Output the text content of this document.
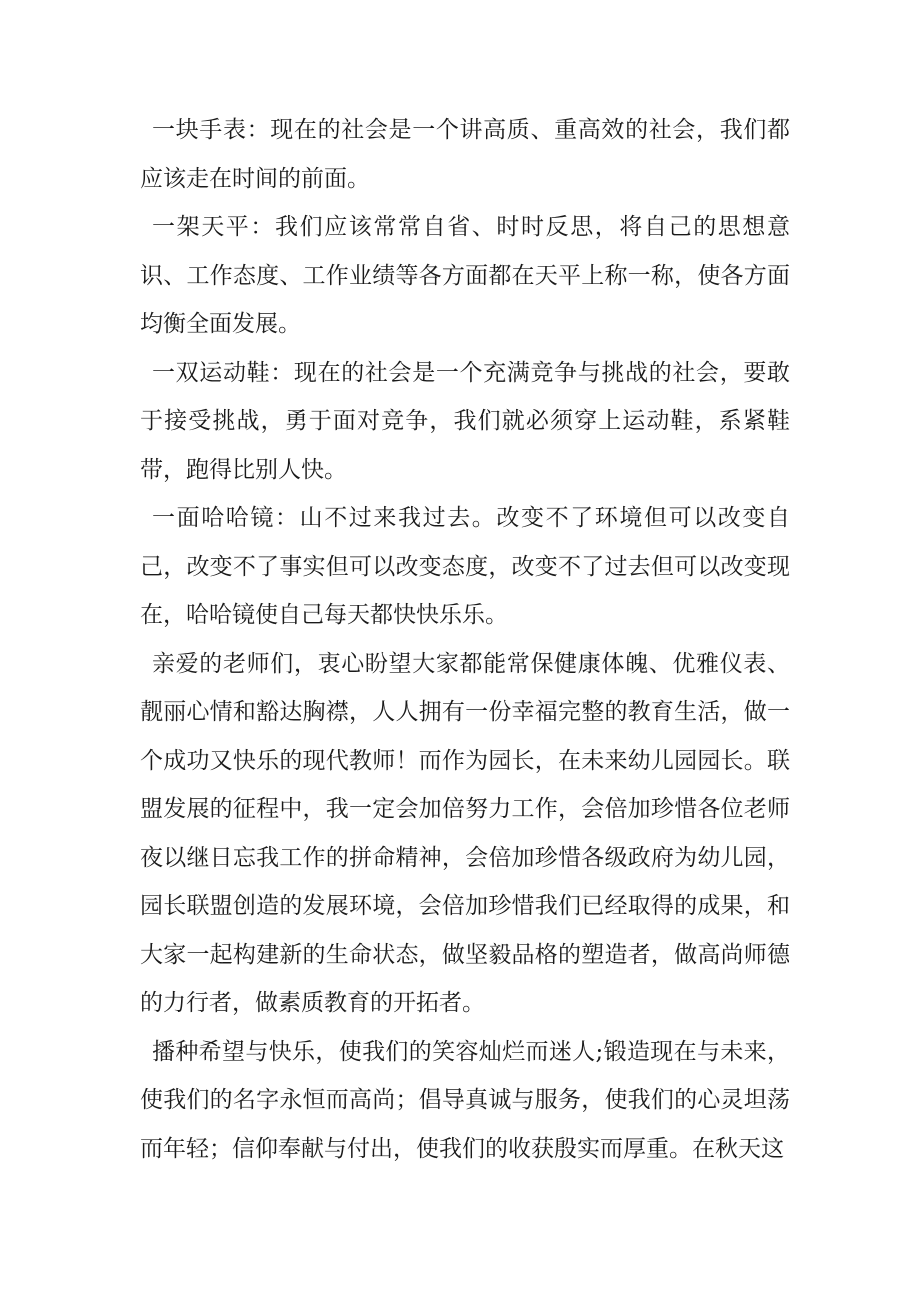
一块手表：现在的社会是一个讲高质、重高效的社会，我们都应该走在时间的前面。

一架天平：我们应该常常自省、时时反思，将自己的思想意识、工作态度、工作业绩等各方面都在天平上称一称，使各方面均衡全面发展。

一双运动鞋：现在的社会是一个充满竞争与挑战的社会，要敢于接受挑战，勇于面对竞争，我们就必须穿上运动鞋，系紧鞋带，跑得比别人快。

一面哈哈镜：山不过来我过去。改变不了环境但可以改变自己，改变不了事实但可以改变态度，改变不了过去但可以改变现在，哈哈镜使自己每天都快快乐乐。

亲爱的老师们，衷心盼望大家都能常保健康体魄、优雅仪表、靓丽心情和豁达胸襟，人人拥有一份幸福完整的教育生活，做一个成功又快乐的现代教师！而作为园长，在未来幼儿园园长。联盟发展的征程中，我一定会加倍努力工作，会倍加珍惜各位老师夜以继日忘我工作的拼命精神，会倍加珍惜各级政府为幼儿园，园长联盟创造的发展环境，会倍加珍惜我们已经取得的成果，和大家一起构建新的生命状态，做坚毅品格的塑造者，做高尚师德的力行者，做素质教育的开拓者。

播种希望与快乐，使我们的笑容灿烂而迷人;锻造现在与未来，使我们的名字永恒而高尚；倡导真诚与服务，使我们的心灵坦荡而年轻；信仰奉献与付出，使我们的收获殷实而厚重。在秋天这
